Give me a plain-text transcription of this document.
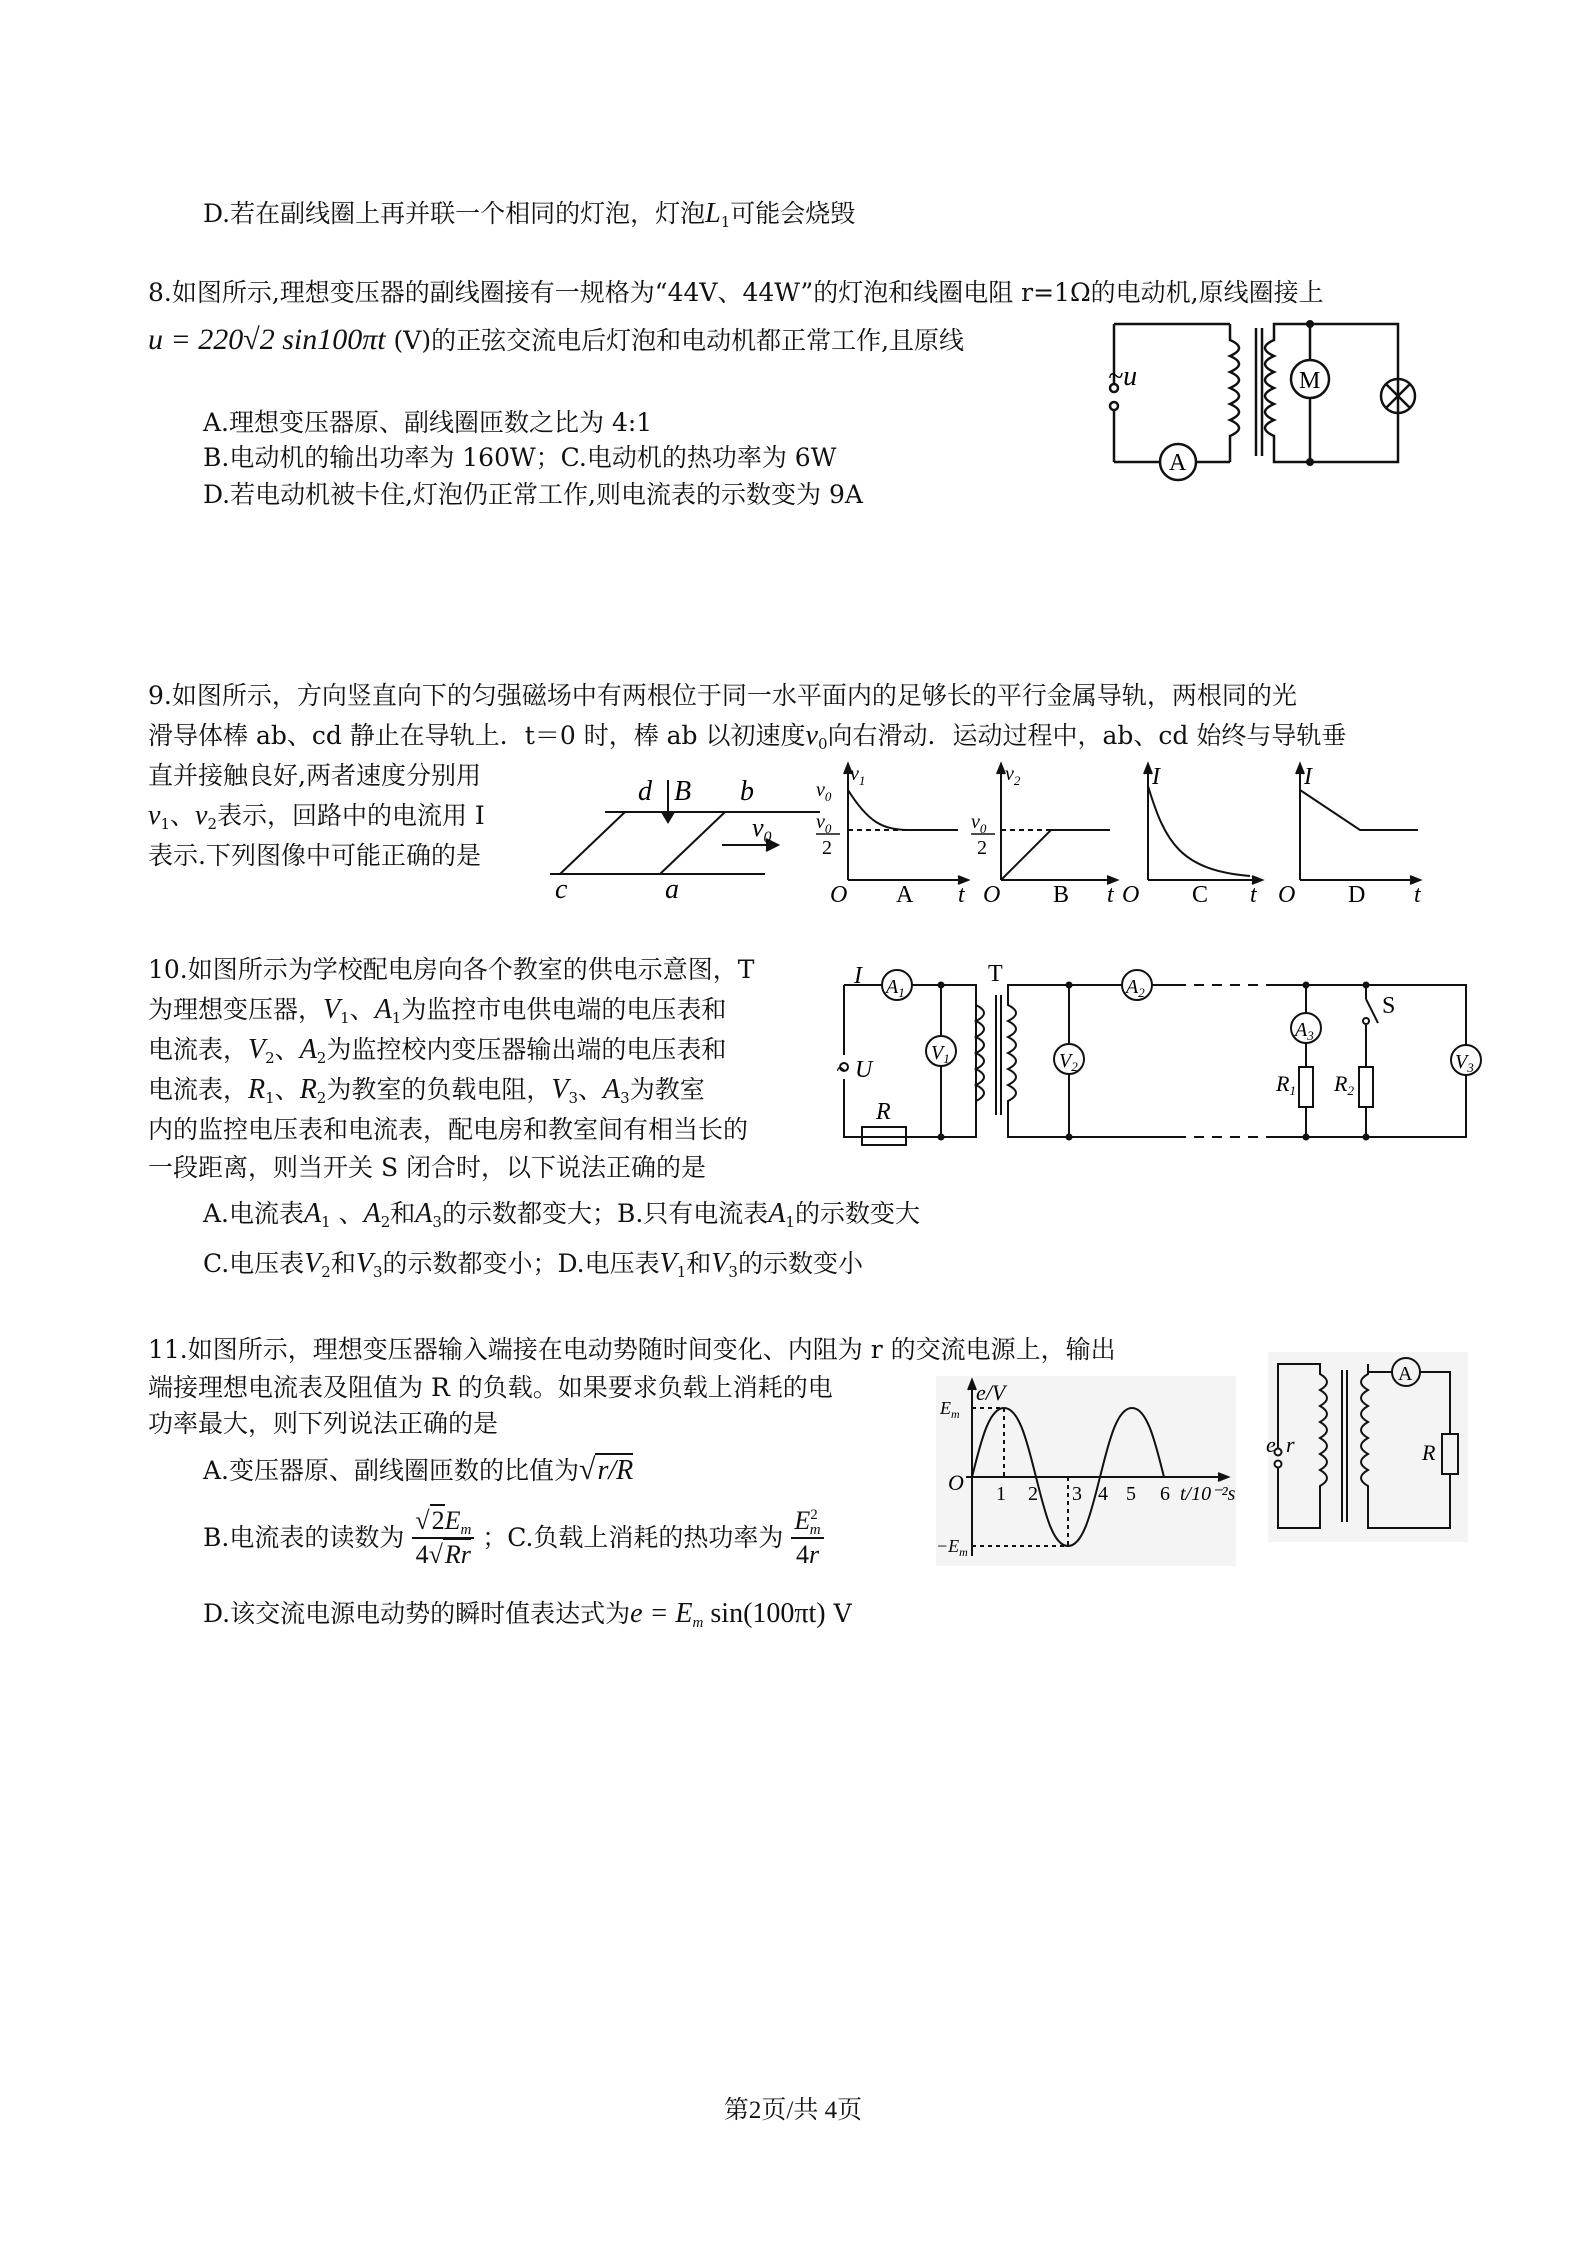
D.若在副线圈上再并联一个相同的灯泡，灯泡$L_1$可能会烧毁
8.如图所示,理想变压器的副线圈接有一规格为“44V、44W”的灯泡和线圈电阻 r=1Ω的电动机,原线圈接上
u = 220√2 sin100πt (V)的正弦交流电后灯泡和电动机都正常工作,且原线
A.理想变压器原、副线圈匝数之比为 4:1
B.电动机的输出功率为 160W；C.电动机的热功率为 6W
D.若电动机被卡住,灯泡仍正常工作,则电流表的示数变为 9A
~u
A
M
9.如图所示，方向竖直向下的匀强磁场中有两根位于同一水平面内的足够长的平行金属导轨，两根同的光
滑导体棒 ab、cd 静止在导轨上．t＝0 时，棒 ab 以初速度$v_0$向右滑动．运动过程中，ab、cd 始终与导轨垂
直并接触良好,两者速度分别用
$v_1$、$v_2$表示，回路中的电流用 I
表示.下列图像中可能正确的是
d B b
c	a
$v_0$
$v_1$
$v_0$
$v_0$
2
O A t
$v_2$
$v_0$
2
O B t
I
O C t
I
O D t
10.如图所示为学校配电房向各个教室的供电示意图，T
为理想变压器，$V_1$、$A_1$为监控市电供电端的电压表和
电流表，$V_2$、$A_2$为监控校内变压器输出端的电压表和
电流表，$R_1$、$R_2$为教室的负载电阻，$V_3$、$A_3$为教室
内的监控电压表和电流表，配电房和教室间有相当长的
一段距离，则当开关 S 闭合时，以下说法正确的是
A.电流表$A_1$ 、$A_2$和$A_3$的示数都变大；B.只有电流表$A_1$的示数变大
C.电压表$V_2$和$V_3$的示数都变小；D.电压表$V_1$和$V_3$的示数变小
I $A_1$
$V_1$
T
~ U
R
$V_2$
$A_2$
$A_3$
R1 R2
S
$V_3$
11.如图所示，理想变压器输入端接在电动势随时间变化、内阻为 r 的交流电源上，输出
端接理想电流表及阻值为 R 的负载。如果要求负载上消耗的电
功率最大，则下列说法正确的是
A.变压器原、副线圈匝数的比值为√r/R
B.电流表的读数为 $\frac{√2E_m}{4√Rr}$ ；C.负载上消耗的热功率为 $\frac{E^2_m}{4r}$
D.该交流电源电动势的瞬时值表达式为$e = E_m$ sin(100πt) V
$E_m$
e/V
O 1 2 3 4 5 6 t/10⁻²s
$-E_m$
A
R
e r
第2页/共 4页
